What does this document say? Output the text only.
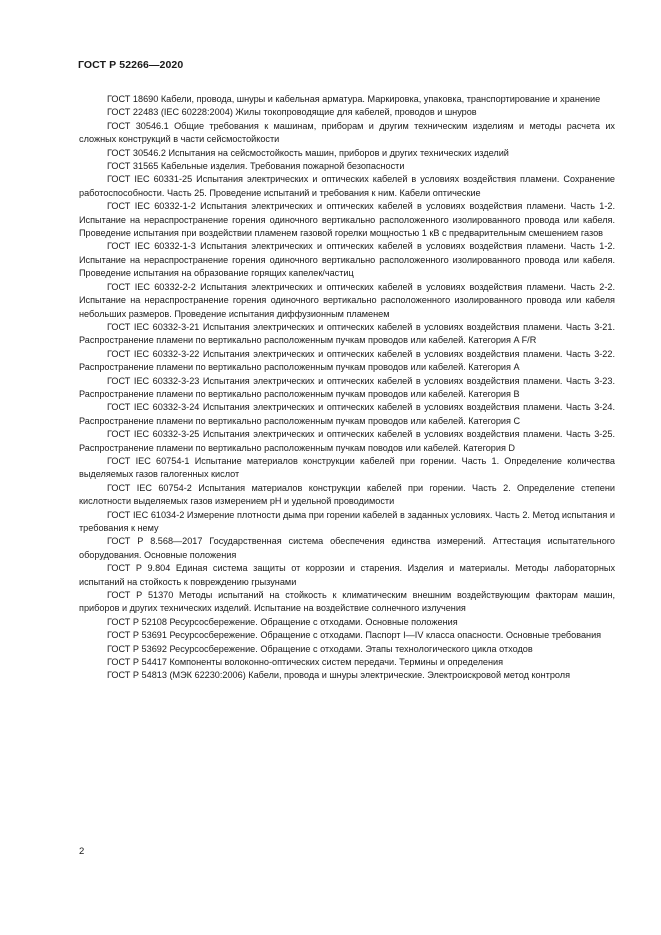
ГОСТ Р 52266—2020

ГОСТ 18690 Кабели, провода, шнуры и кабельная арматура. Маркировка, упаковка, транспортирование и хранение

ГОСТ 22483 (IEC 60228:2004) Жилы токопроводящие для кабелей, проводов и шнуров

ГОСТ 30546.1 Общие требования к машинам, приборам и другим техническим изделиям и методы расчета их сложных конструкций в части сейсмостойкости

ГОСТ 30546.2 Испытания на сейсмостойкость машин, приборов и других технических изделий

ГОСТ 31565 Кабельные изделия. Требования пожарной безопасности

ГОСТ IEC 60331-25 Испытания электрических и оптических кабелей в условиях воздействия пламени. Сохранение работоспособности. Часть 25. Проведение испытаний и требования к ним. Кабели оптические

ГОСТ IEC 60332-1-2 Испытания электрических и оптических кабелей в условиях воздействия пламени. Часть 1-2. Испытание на нераспространение горения одиночного вертикально расположенного изолированного провода или кабеля. Проведение испытания при воздействии пламенем газовой горелки мощностью 1 кВ с предварительным смешением газов

ГОСТ IEC 60332-1-3 Испытания электрических и оптических кабелей в условиях воздействия пламени. Часть 1-2. Испытание на нераспространение горения одиночного вертикально расположенного изолированного провода или кабеля. Проведение испытания на образование горящих капелек/частиц

ГОСТ IEC 60332-2-2 Испытания электрических и оптических кабелей в условиях воздействия пламени. Часть 2-2. Испытание на нераспространение горения одиночного вертикально расположенного изолированного провода или кабеля небольших размеров. Проведение испытания диффузионным пламенем

ГОСТ IEC 60332-3-21 Испытания электрических и оптических кабелей в условиях воздействия пламени. Часть 3-21. Распространение пламени по вертикально расположенным пучкам проводов или кабелей. Категория A F/R

ГОСТ IEC 60332-3-22 Испытания электрических и оптических кабелей в условиях воздействия пламени. Часть 3-22. Распространение пламени по вертикально расположенным пучкам проводов или кабелей. Категория A

ГОСТ IEC 60332-3-23 Испытания электрических и оптических кабелей в условиях воздействия пламени. Часть 3-23. Распространение пламени по вертикально расположенным пучкам проводов или кабелей. Категория B

ГОСТ IEC 60332-3-24 Испытания электрических и оптических кабелей в условиях воздействия пламени. Часть 3-24. Распространение пламени по вертикально расположенным пучкам проводов или кабелей. Категория C

ГОСТ IEC 60332-3-25 Испытания электрических и оптических кабелей в условиях воздействия пламени. Часть 3-25. Распространение пламени по вертикально расположенным пучкам поводов или кабелей. Категория D

ГОСТ IEC 60754-1 Испытание материалов конструкции кабелей при горении. Часть 1. Определение количества выделяемых газов галогенных кислот

ГОСТ IEC 60754-2 Испытания материалов конструкции кабелей при горении. Часть 2. Определение степени кислотности выделяемых газов измерением pH и удельной проводимости

ГОСТ IEC 61034-2 Измерение плотности дыма при горении кабелей в заданных условиях. Часть 2. Метод испытания и требования к нему

ГОСТ Р 8.568—2017 Государственная система обеспечения единства измерений. Аттестация испытательного оборудования. Основные положения

ГОСТ Р 9.804 Единая система защиты от коррозии и старения. Изделия и материалы. Методы лабораторных испытаний на стойкость к повреждению грызунами

ГОСТ Р 51370 Методы испытаний на стойкость к климатическим внешним воздействующим факторам машин, приборов и других технических изделий. Испытание на воздействие солнечного излучения

ГОСТ Р 52108 Ресурсосбережение. Обращение с отходами. Основные положения

ГОСТ Р 53691 Ресурсосбережение. Обращение с отходами. Паспорт I—IV класса опасности. Основные требования

ГОСТ Р 53692 Ресурсосбережение. Обращение с отходами. Этапы технологического цикла отходов

ГОСТ Р 54417 Компоненты волоконно-оптических систем передачи. Термины и определения

ГОСТ Р 54813 (МЭК 62230:2006) Кабели, провода и шнуры электрические. Электроискровой метод контроля

2
